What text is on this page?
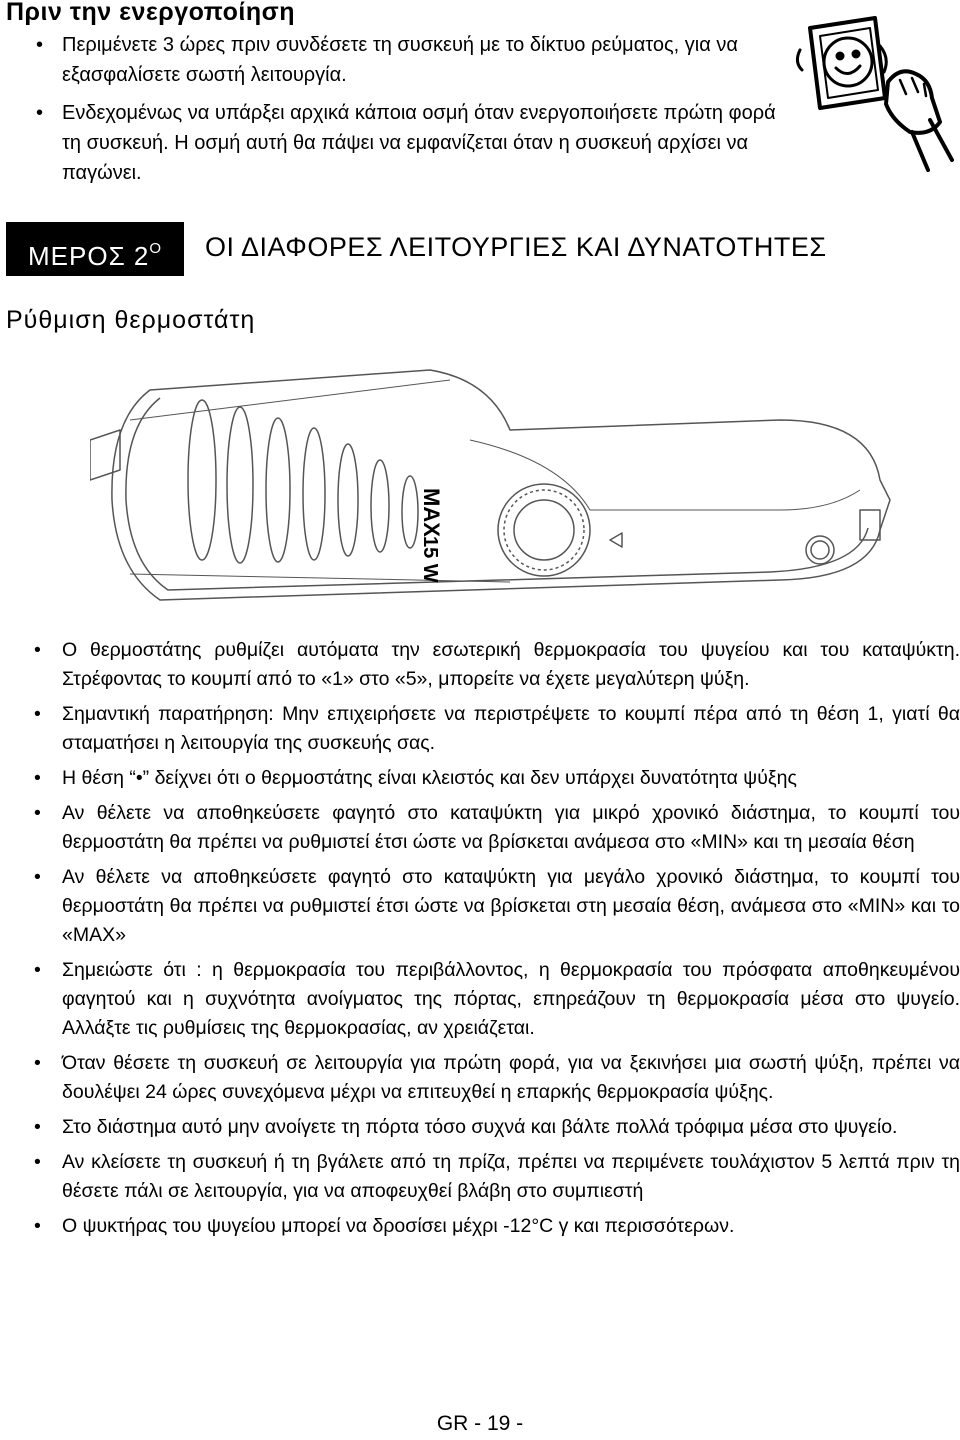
Πριν την ενεργοποίηση
• Περιμένετε 3 ώρες πριν συνδέσετε τη συσκευή με το δίκτυο ρεύματος, για να εξασφαλίσετε σωστή λειτουργία.
• Ενδεχομένως να υπάρξει αρχικά κάποια οσμή όταν ενεργοποιήσετε πρώτη φορά τη συσκευή. Η οσμή αυτή θα πάψει να εμφανίζεται όταν η συσκευή αρχίσει να παγώνει.
ΜΕΡΟΣ $2^O$	ΟΙ ΔΙΑΦΟΡΕΣ ΛΕΙΤΟΥΡΓΙΕΣ ΚΑΙ ΔΥΝΑΤΟΤΗΤΕΣ
Ρύθμιση θερμοστάτη
MAX
15 W
• Ο θερμοστάτης ρυθμίζει αυτόματα την εσωτερική θερμοκρασία του ψυγείου και του καταψύκτη. Στρέφοντας το κουμπί από το «1» στο «5», μπορείτε να έχετε μεγαλύτερη ψύξη.
• Σημαντική παρατήρηση: Μην επιχειρήσετε να περιστρέψετε το κουμπί πέρα από τη θέση 1, γιατί θα σταματήσει η λειτουργία της συσκευής σας.
• Η θέση “•” δείχνει ότι ο θερμοστάτης είναι κλειστός και δεν υπάρχει δυνατότητα ψύξης
• Αν θέλετε να αποθηκεύσετε φαγητό στο καταψύκτη για μικρό χρονικό διάστημα, το κουμπί του θερμοστάτη θα πρέπει να ρυθμιστεί έτσι ώστε να βρίσκεται ανάμεσα στο «MIN» και τη μεσαία θέση
• Αν θέλετε να αποθηκεύσετε φαγητό στο καταψύκτη για μεγάλο χρονικό διάστημα, το κουμπί του θερμοστάτη θα πρέπει να ρυθμιστεί έτσι ώστε να βρίσκεται στη μεσαία θέση, ανάμεσα στο «MIN» και το «MAX»
• Σημειώστε ότι : η θερμοκρασία του περιβάλλοντος, η θερμοκρασία του πρόσφατα αποθηκευμένου φαγητού και η συχνότητα ανοίγματος της πόρτας, επηρεάζουν τη θερμοκρασία μέσα στο ψυγείο. Αλλάξτε τις ρυθμίσεις της θερμοκρασίας, αν χρειάζεται.
• Όταν θέσετε τη συσκευή σε λειτουργία για πρώτη φορά, για να ξεκινήσει μια σωστή ψύξη, πρέπει να δουλέψει 24 ώρες συνεχόμενα μέχρι να επιτευχθεί η επαρκής θερμοκρασία ψύξης.
• Στο διάστημα αυτό μην ανοίγετε τη πόρτα τόσο συχνά και βάλτε πολλά τρόφιμα μέσα στο ψυγείο.
• Αν κλείσετε τη συσκευή ή τη βγάλετε από τη πρίζα, πρέπει να περιμένετε τουλάχιστον 5 λεπτά πριν τη θέσετε πάλι σε λειτουργία, για να αποφευχθεί βλάβη στο συμπιεστή
• Ο ψυκτήρας του ψυγείου μπορεί να δροσίσει μέχρι -12°C γ και περισσότερων.
GR - 19 -
